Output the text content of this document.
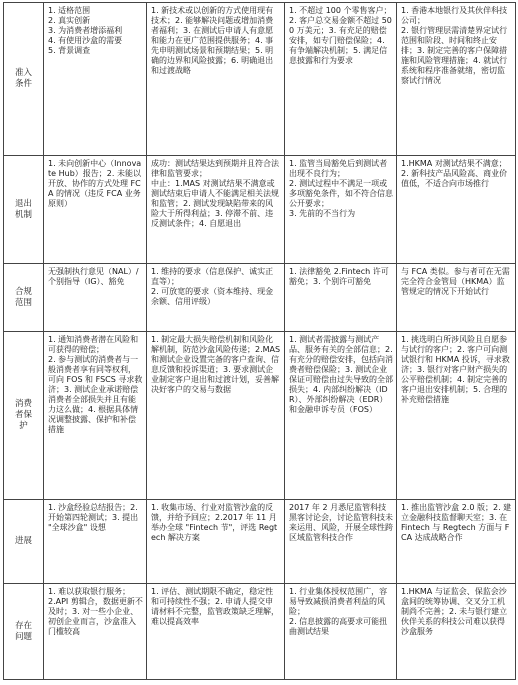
准入
条件	1. 适格范围
2. 真实创新
3. 为消费者增添福利
4. 有使用沙盒的需要
5. 背景调查	1. 新技术或以创新的方式使用现有技术；2. 能够解决问题或增加消费者福利；3. 在测试后申请人有意愿和能力在更广范围提供服务；4. 事先申明测试场景和预期结果；5. 明确的边界和风险披露；6. 明确退出和过渡战略	1. 不超过 100 个零售客户；2. 客户总交易金额不超过 500 万美元；3. 有充足的赔偿安排，如专门赔偿保险；4. 有争端解决机制；5. 满足信息披露和行为要求	1. 香港本地银行及其伙伴科技公司；
2. 银行管理层需清楚界定试行范围和阶段、时间和终止安排；3. 制定完善的客户保障措施和风险管理措施；4. 就试行系统和程序准备就绪，密切监察试行情况
退出
机制	1. 未向创新中心（Innovate Hub）报告；2. 未能以开放、协作的方式处理 FCA 的情况（违反 FCA 业务原则）	成功：测试结果达到预期并且符合法律和监管要求；
中止：1.MAS 对测试结果不满意或测试结束后申请人不能满足相关法规和监管；2. 测试发现缺陷带来的风险大于所得利益；3. 停滞不前、违反测试条件；4. 自愿退出	1. 监管当局豁免后到测试者出现不良行为；
2. 测试过程中不满足一项或多项豁免条件，如不符合信息公开要求；
3. 先前的不当行为	1.HKMA 对测试结果不满意；2. 新科技产品风险高、商业价值低，不适合向市场推行
合规
范围	无强制执行意见（NAL）/ 个别指导（IG）、豁免	1. 维持的要求（信息保护、诚实正直等）；
2. 可放宽的要求（资本维持、现金余额、信用评级）	1. 法律豁免 2.Fintech 许可豁免；3. 个别许可豁免	与 FCA 类似。参与者可在无需完全符合金管局（HKMA）监管规定的情况下开始试行
消费
者保
护	1. 通知消费者潜在风险和可获得的赔偿；
2. 参与测试的消费者与一般消费者享有同等权利，可向 FOS 和 FSCS 寻求救济；3. 测试企业承诺赔偿消费者全部损失并且有能力这么做；4. 根据具体情况调整披露、保护和补偿措施	1. 制定最大损失赔偿机制和风险化解机制，防范沙盒风险传递；2.MAS 和测试企业设置完备的客户查询、信息反馈和投诉渠道；3. 要求测试企业制定客户退出和过渡计划，妥善解决好客户的交易与数据	1. 测试者需披露与测试产品、服务有关的全部信息；2. 有充分的赔偿安排，包括向消费者赔偿保险；3. 测试企业保证可赔偿由过失导致的全部损失；4. 内部纠纷解决（IDR）、外部纠纷解决（EDR）和金融申诉专员（FOS）	1. 挑选明白所涉风险且自愿参与试行的客户；2. 客户可向测试银行和 HKMA 投诉，寻求救济；3. 银行对客户财产损失的公平赔偿机制；4. 制定完善的客户退出安排机制；5. 合理的补充赔偿措施
进展	1. 沙盒经验总结报告；2. 开始第四轮测试；3. 提出 "全球沙盒" 设想	1. 收集市场、行业对监管沙盒的反馈，并给予回应；2.2017 年 11 月举办全球 "Fintech 节"，评选 Regtech 解决方案	2017 年 2 月悉尼监管科技黑客讨论会，讨论监管科技未来运用、风险，开展全球性跨区域监管科技合作	1. 推出监管沙盒 2.0 版；2. 建立金融科技监督聊天室；3. 在 Fintech 与 Regtech 方面与 FCA 达成战略合作
存在
问题	1. 难以获取银行服务；
2.API 剪辑合，数据更新不及时；3. 对一些小企业、初创企业而言，沙盒准入门槛较高	1. 评估、测试期限不确定，稳定性和可持续性不强；2. 申请人提交申请材料不完整，监管政策缺乏理解，难以提高效率	1. 行业集体授权范围广，容易导致减损消费者利益的风险；
2. 信息披露的高要求可能扭曲测试结果	1.HKMA 与证监会、保监会沙盒间的统筹协调、交叉分工机制尚不完善；2. 未与银行建立伙伴关系的科技公司难以获得沙盒服务
